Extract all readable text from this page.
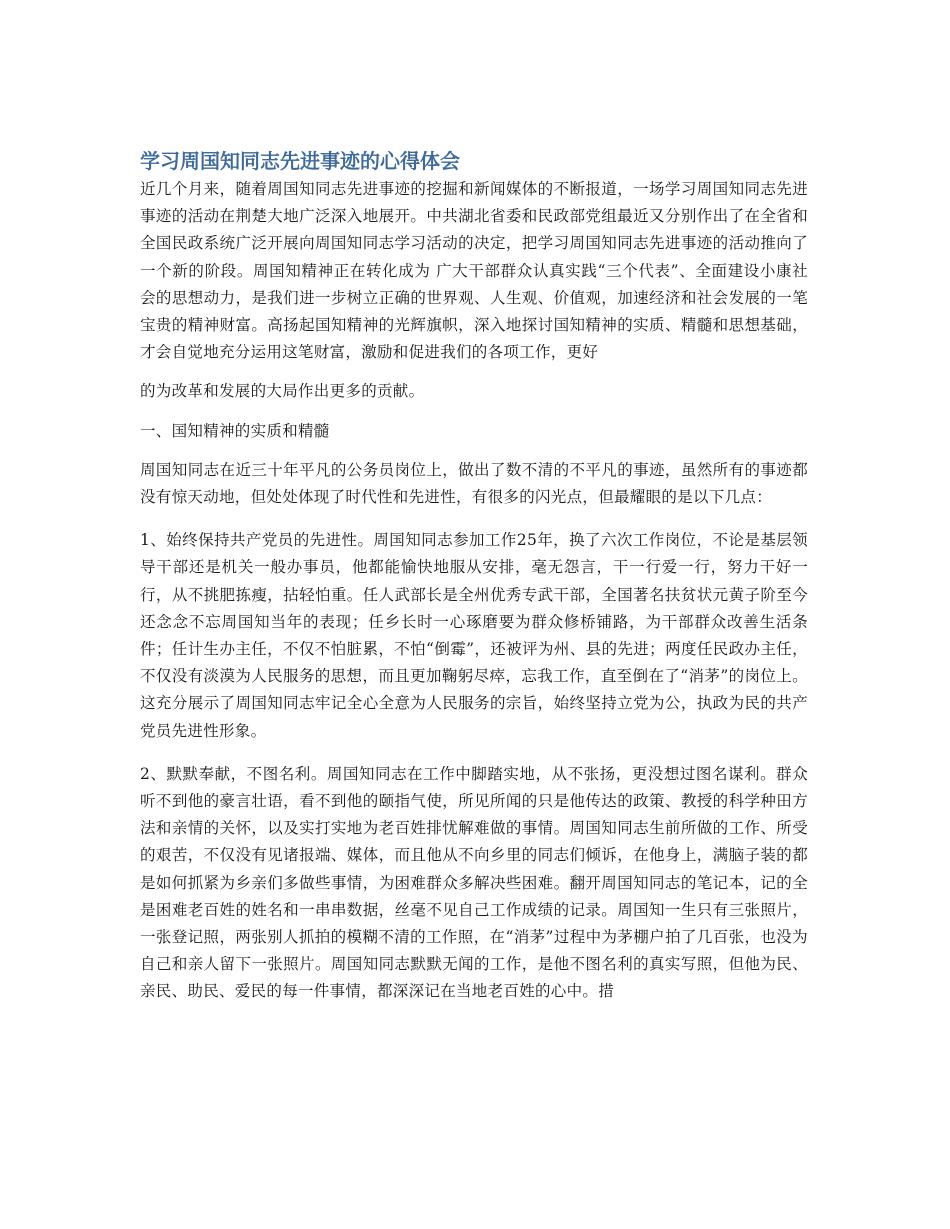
学习周国知同志先进事迹的心得体会

近几个月来，随着周国知同志先进事迹的挖掘和新闻媒体的不断报道，一场学习周国知同志先进事迹的活动在荆楚大地广泛深入地展开。中共湖北省委和民政部党组最近又分别作出了在全省和全国民政系统广泛开展向周国知同志学习活动的决定，把学习周国知同志先进事迹的活动推向了一个新的阶段。周国知精神正在转化成为 广大干部群众认真实践“三个代表”、全面建设小康社会的思想动力，是我们进一步树立正确的世界观、人生观、价值观，加速经济和社会发展的一笔宝贵的精神财富。高扬起国知精神的光辉旗帜，深入地探讨国知精神的实质、精髓和思想基础，才会自觉地充分运用这笔财富，激励和促进我们的各项工作，更好

的为改革和发展的大局作出更多的贡献。

一、国知精神的实质和精髓

周国知同志在近三十年平凡的公务员岗位上，做出了数不清的不平凡的事迹，虽然所有的事迹都没有惊天动地，但处处体现了时代性和先进性，有很多的闪光点，但最耀眼的是以下几点：

1、始终保持共产党员的先进性。周国知同志参加工作25年，换了六次工作岗位，不论是基层领导干部还是机关一般办事员，他都能愉快地服从安排，毫无怨言，干一行爱一行，努力干好一行，从不挑肥拣瘦，拈轻怕重。任人武部长是全州优秀专武干部，全国著名扶贫状元黄子阶至今还念念不忘周国知当年的表现；任乡长时一心琢磨要为群众修桥铺路，为干部群众改善生活条件；任计生办主任，不仅不怕脏累，不怕“倒霉”，还被评为州、县的先进；两度任民政办主任，不仅没有淡漠为人民服务的思想，而且更加鞠躬尽瘁，忘我工作，直至倒在了“消茅”的岗位上。这充分展示了周国知同志牢记全心全意为人民服务的宗旨，始终坚持立党为公，执政为民的共产党员先进性形象。

2、默默奉献，不图名利。周国知同志在工作中脚踏实地，从不张扬，更没想过图名谋利。群众听不到他的豪言壮语，看不到他的颐指气使，所见所闻的只是他传达的政策、教授的科学种田方法和亲情的关怀，以及实打实地为老百姓排忧解难做的事情。周国知同志生前所做的工作、所受的艰苦，不仅没有见诸报端、媒体，而且他从不向乡里的同志们倾诉，在他身上，满脑子装的都是如何抓紧为乡亲们多做些事情，为困难群众多解决些困难。翻开周国知同志的笔记本，记的全是困难老百姓的姓名和一串串数据，丝毫不见自己工作成绩的记录。周国知一生只有三张照片，一张登记照，两张别人抓拍的模糊不清的工作照，在“消茅”过程中为茅棚户拍了几百张，也没为自己和亲人留下一张照片。周国知同志默默无闻的工作，是他不图名利的真实写照，但他为民、亲民、助民、爱民的每一件事情，都深深记在当地老百姓的心中。措
